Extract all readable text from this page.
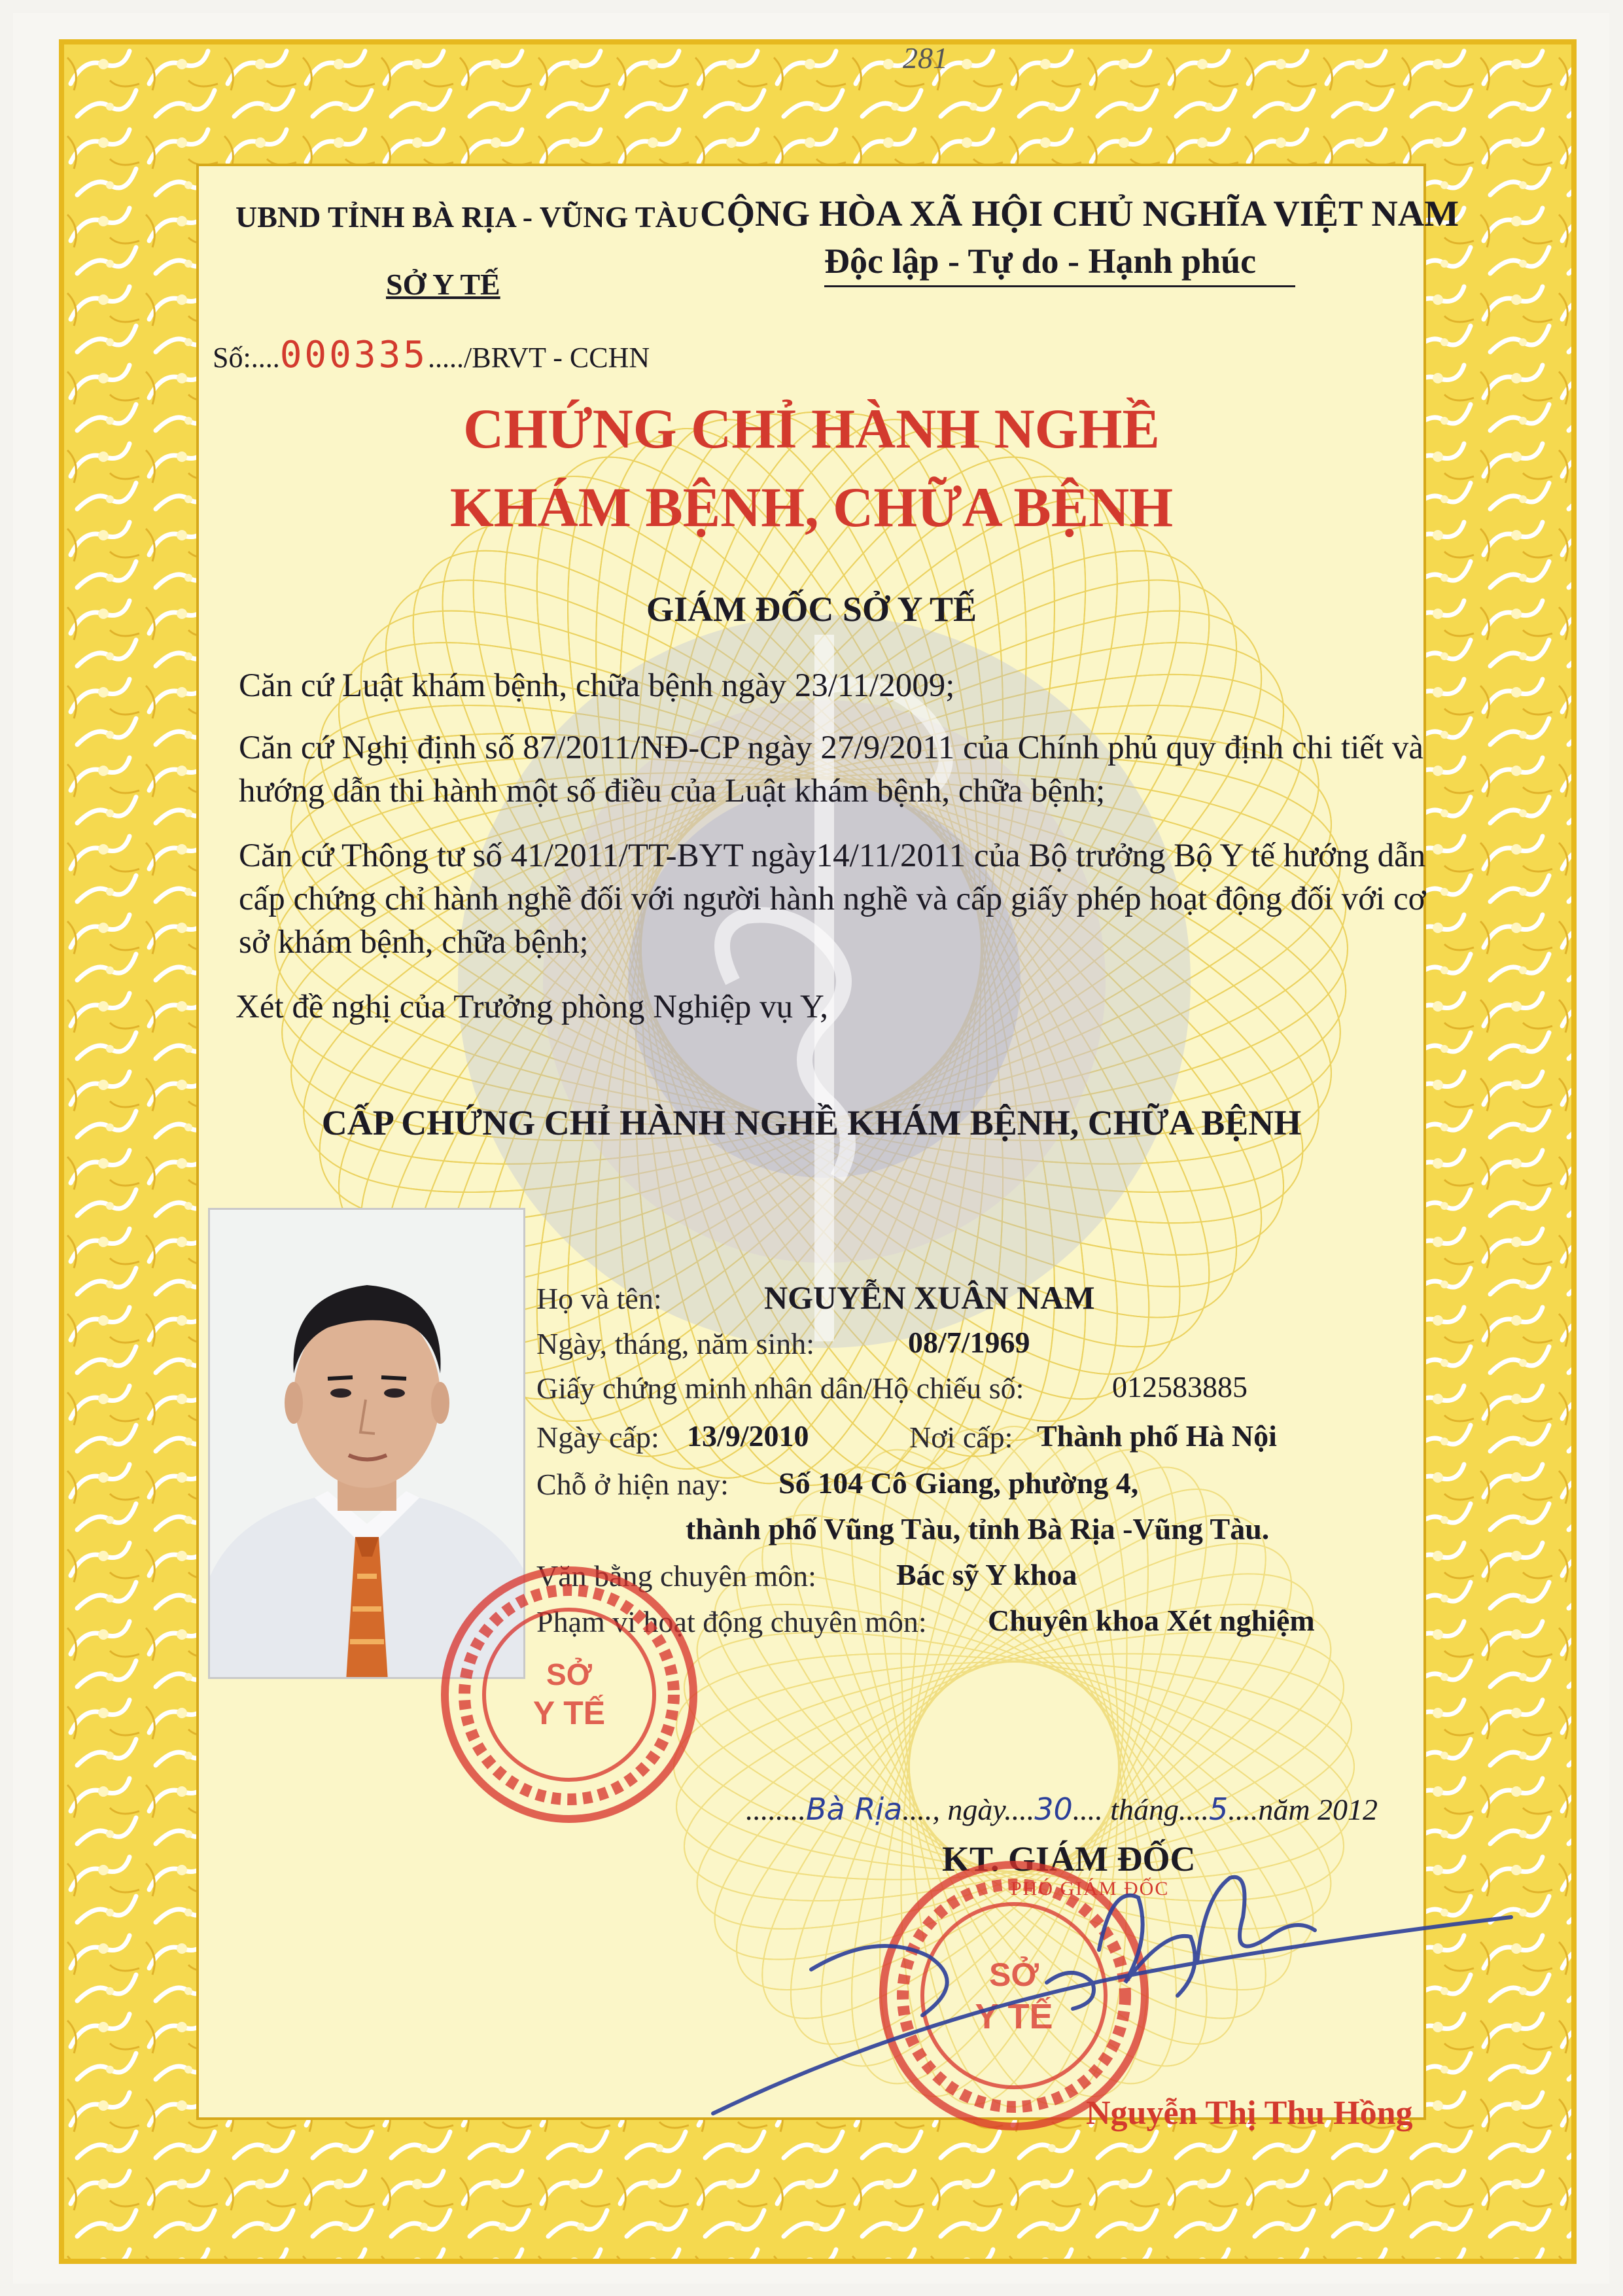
281
UBND TỈNH BÀ RỊA - VŨNG TÀU
SỞ Y TẾ
CỘNG HÒA XÃ HỘI CHỦ NGHĨA VIỆT NAM
Độc lập - Tự do - Hạnh phúc
Số:....000335...../BRVT - CCHN
CHỨNG CHỈ HÀNH NGHỀ
KHÁM BỆNH, CHỮA BỆNH
GIÁM ĐỐC SỞ Y TẾ
Căn cứ Luật khám bệnh, chữa bệnh ngày 23/11/2009;
Căn cứ Nghị định số 87/2011/NĐ-CP ngày 27/9/2011 của Chính phủ quy định chi tiết và hướng dẫn thi hành một số điều của Luật khám bệnh, chữa bệnh;
Căn cứ Thông tư số 41/2011/TT-BYT ngày14/11/2011 của Bộ trưởng Bộ Y tế hướng dẫn cấp chứng chỉ hành nghề đối với người hành nghề và cấp giấy phép hoạt động đối với cơ sở khám bệnh, chữa bệnh;
Xét đề nghị của Trưởng phòng Nghiệp vụ Y,
CẤP CHỨNG CHỈ HÀNH NGHỀ KHÁM BỆNH, CHỮA BỆNH
Họ và tên:	NGUYỄN XUÂN NAM
Ngày, tháng, năm sinh:	08/7/1969
Giấy chứng minh nhân dân/Hộ chiếu số:	012583885
Ngày cấp: 13/9/2010	Nơi cấp: Thành phố Hà Nội
Chỗ ở hiện nay: Số 104 Cô Giang, phường 4,
thành phố Vũng Tàu, tỉnh Bà Rịa -Vũng Tàu.
Văn bằng chuyên môn:	Bác sỹ Y khoa
Phạm vi hoạt động chuyên môn: Chuyên khoa Xét nghiệm
SỞ
Y TẾ
........Bà Rịa...., ngày....30.... tháng....5....năm 2012
KT. GIÁM ĐỐC
PHÓ GIÁM ĐỐC
SỞ
Y TẾ
Nguyễn Thị Thu Hồng
